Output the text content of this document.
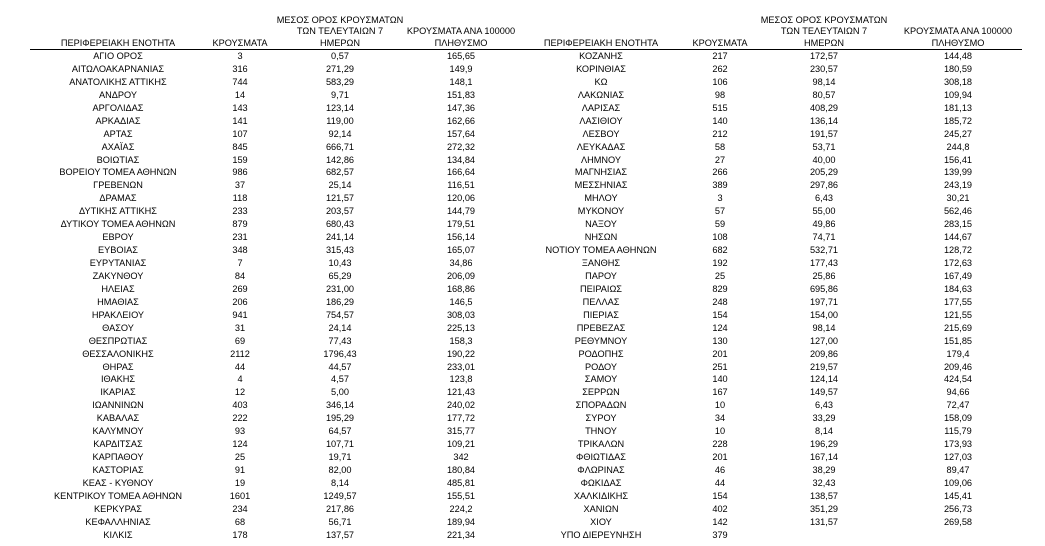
ΠΕΡΙΦΕΡΕΙΑΚΗ ΕΝΟΤΗΤΑ	ΚΡΟΥΣΜΑΤΑ
ΜΕΣΟΣ ΟΡΟΣ ΚΡΟΥΣΜΑΤΩΝ
ΤΩΝ ΤΕΛΕΥΤΑΙΩΝ 7
ΗΜΕΡΩΝ
ΚΡΟΥΣΜΑΤΑ ΑΝΑ 100000
ΠΛΗΘΥΣΜΟ	ΠΕΡΙΦΕΡΕΙΑΚΗ ΕΝΟΤΗΤΑ	ΚΡΟΥΣΜΑΤΑ
ΜΕΣΟΣ ΟΡΟΣ ΚΡΟΥΣΜΑΤΩΝ
ΤΩΝ ΤΕΛΕΥΤΑΙΩΝ 7
ΗΜΕΡΩΝ
ΚΡΟΥΣΜΑΤΑ ΑΝΑ 100000
ΠΛΗΘΥΣΜΟ
ΑΓΙΟ ΟΡΟΣ	3	0,57	165,65	ΚΟΖΑΝΗΣ	217	172,57	144,48
ΑΙΤΩΛΟΑΚΑΡΝΑΝΙΑΣ	316	271,29	149,9	ΚΟΡΙΝΘΙΑΣ	262	230,57	180,59
ΑΝΑΤΟΛΙΚΗΣ ΑΤΤΙΚΗΣ	744	583,29	148,1	ΚΩ	106	98,14	308,18
ΑΝΔΡΟΥ	14	9,71	151,83	ΛΑΚΩΝΙΑΣ	98	80,57	109,94
ΑΡΓΟΛΙΔΑΣ	143	123,14	147,36	ΛΑΡΙΣΑΣ	515	408,29	181,13
ΑΡΚΑΔΙΑΣ	141	119,00	162,66	ΛΑΣΙΘΙΟΥ	140	136,14	185,72
ΑΡΤΑΣ	107	92,14	157,64	ΛΕΣΒΟΥ	212	191,57	245,27
ΑΧΑΪΑΣ	845	666,71	272,32	ΛΕΥΚΑΔΑΣ	58	53,71	244,8
ΒΟΙΩΤΙΑΣ	159	142,86	134,84	ΛΗΜΝΟΥ	27	40,00	156,41
ΒΟΡΕΙΟΥ ΤΟΜΕΑ ΑΘΗΝΩΝ	986	682,57	166,64	ΜΑΓΝΗΣΙΑΣ	266	205,29	139,99
ΓΡΕΒΕΝΩΝ	37	25,14	116,51	ΜΕΣΣΗΝΙΑΣ	389	297,86	243,19
ΔΡΑΜΑΣ	118	121,57	120,06	ΜΗΛΟΥ	3	6,43	30,21
ΔΥΤΙΚΗΣ ΑΤΤΙΚΗΣ	233	203,57	144,79	ΜΥΚΟΝΟΥ	57	55,00	562,46
ΔΥΤΙΚΟΥ ΤΟΜΕΑ ΑΘΗΝΩΝ	879	680,43	179,51	ΝΑΞΟΥ	59	49,86	283,15
ΕΒΡΟΥ	231	241,14	156,14	ΝΗΣΩΝ	108	74,71	144,67
ΕΥΒΟΙΑΣ	348	315,43	165,07	ΝΟΤΙΟΥ ΤΟΜΕΑ ΑΘΗΝΩΝ	682	532,71	128,72
ΕΥΡΥΤΑΝΙΑΣ	7	10,43	34,86	ΞΑΝΘΗΣ	192	177,43	172,63
ΖΑΚΥΝΘΟΥ	84	65,29	206,09	ΠΑΡΟΥ	25	25,86	167,49
ΗΛΕΙΑΣ	269	231,00	168,86	ΠΕΙΡΑΙΩΣ	829	695,86	184,63
ΗΜΑΘΙΑΣ	206	186,29	146,5	ΠΕΛΛΑΣ	248	197,71	177,55
ΗΡΑΚΛΕΙΟΥ	941	754,57	308,03	ΠΙΕΡΙΑΣ	154	154,00	121,55
ΘΑΣΟΥ	31	24,14	225,13	ΠΡΕΒΕΖΑΣ	124	98,14	215,69
ΘΕΣΠΡΩΤΙΑΣ	69	77,43	158,3	ΡΕΘΥΜΝΟΥ	130	127,00	151,85
ΘΕΣΣΑΛΟΝΙΚΗΣ	2112	1796,43	190,22	ΡΟΔΟΠΗΣ	201	209,86	179,4
ΘΗΡΑΣ	44	44,57	233,01	ΡΟΔΟΥ	251	219,57	209,46
ΙΘΑΚΗΣ	4	4,57	123,8	ΣΑΜΟΥ	140	124,14	424,54
ΙΚΑΡΙΑΣ	12	5,00	121,43	ΣΕΡΡΩΝ	167	149,57	94,66
ΙΩΑΝΝΙΝΩΝ	403	346,14	240,02	ΣΠΟΡΑΔΩΝ	10	6,43	72,47
ΚΑΒΑΛΑΣ	222	195,29	177,72	ΣΥΡΟΥ	34	33,29	158,09
ΚΑΛΥΜΝΟΥ	93	64,57	315,77	ΤΗΝΟΥ	10	8,14	115,79
ΚΑΡΔΙΤΣΑΣ	124	107,71	109,21	ΤΡΙΚΑΛΩΝ	228	196,29	173,93
ΚΑΡΠΑΘΟΥ	25	19,71	342	ΦΘΙΩΤΙΔΑΣ	201	167,14	127,03
ΚΑΣΤΟΡΙΑΣ	91	82,00	180,84	ΦΛΩΡΙΝΑΣ	46	38,29	89,47
ΚΕΑΣ - ΚΥΘΝΟΥ	19	8,14	485,81	ΦΩΚΙΔΑΣ	44	32,43	109,06
ΚΕΝΤΡΙΚΟΥ ΤΟΜΕΑ ΑΘΗΝΩΝ	1601	1249,57	155,51	ΧΑΛΚΙΔΙΚΗΣ	154	138,57	145,41
ΚΕΡΚΥΡΑΣ	234	217,86	224,2	ΧΑΝΙΩΝ	402	351,29	256,73
ΚΕΦΑΛΛΗΝΙΑΣ	68	56,71	189,94	ΧΙΟΥ	142	131,57	269,58
ΚΙΛΚΙΣ	178	137,57	221,34	ΥΠΟ ΔΙΕΡΕΥΝΗΣΗ	379
